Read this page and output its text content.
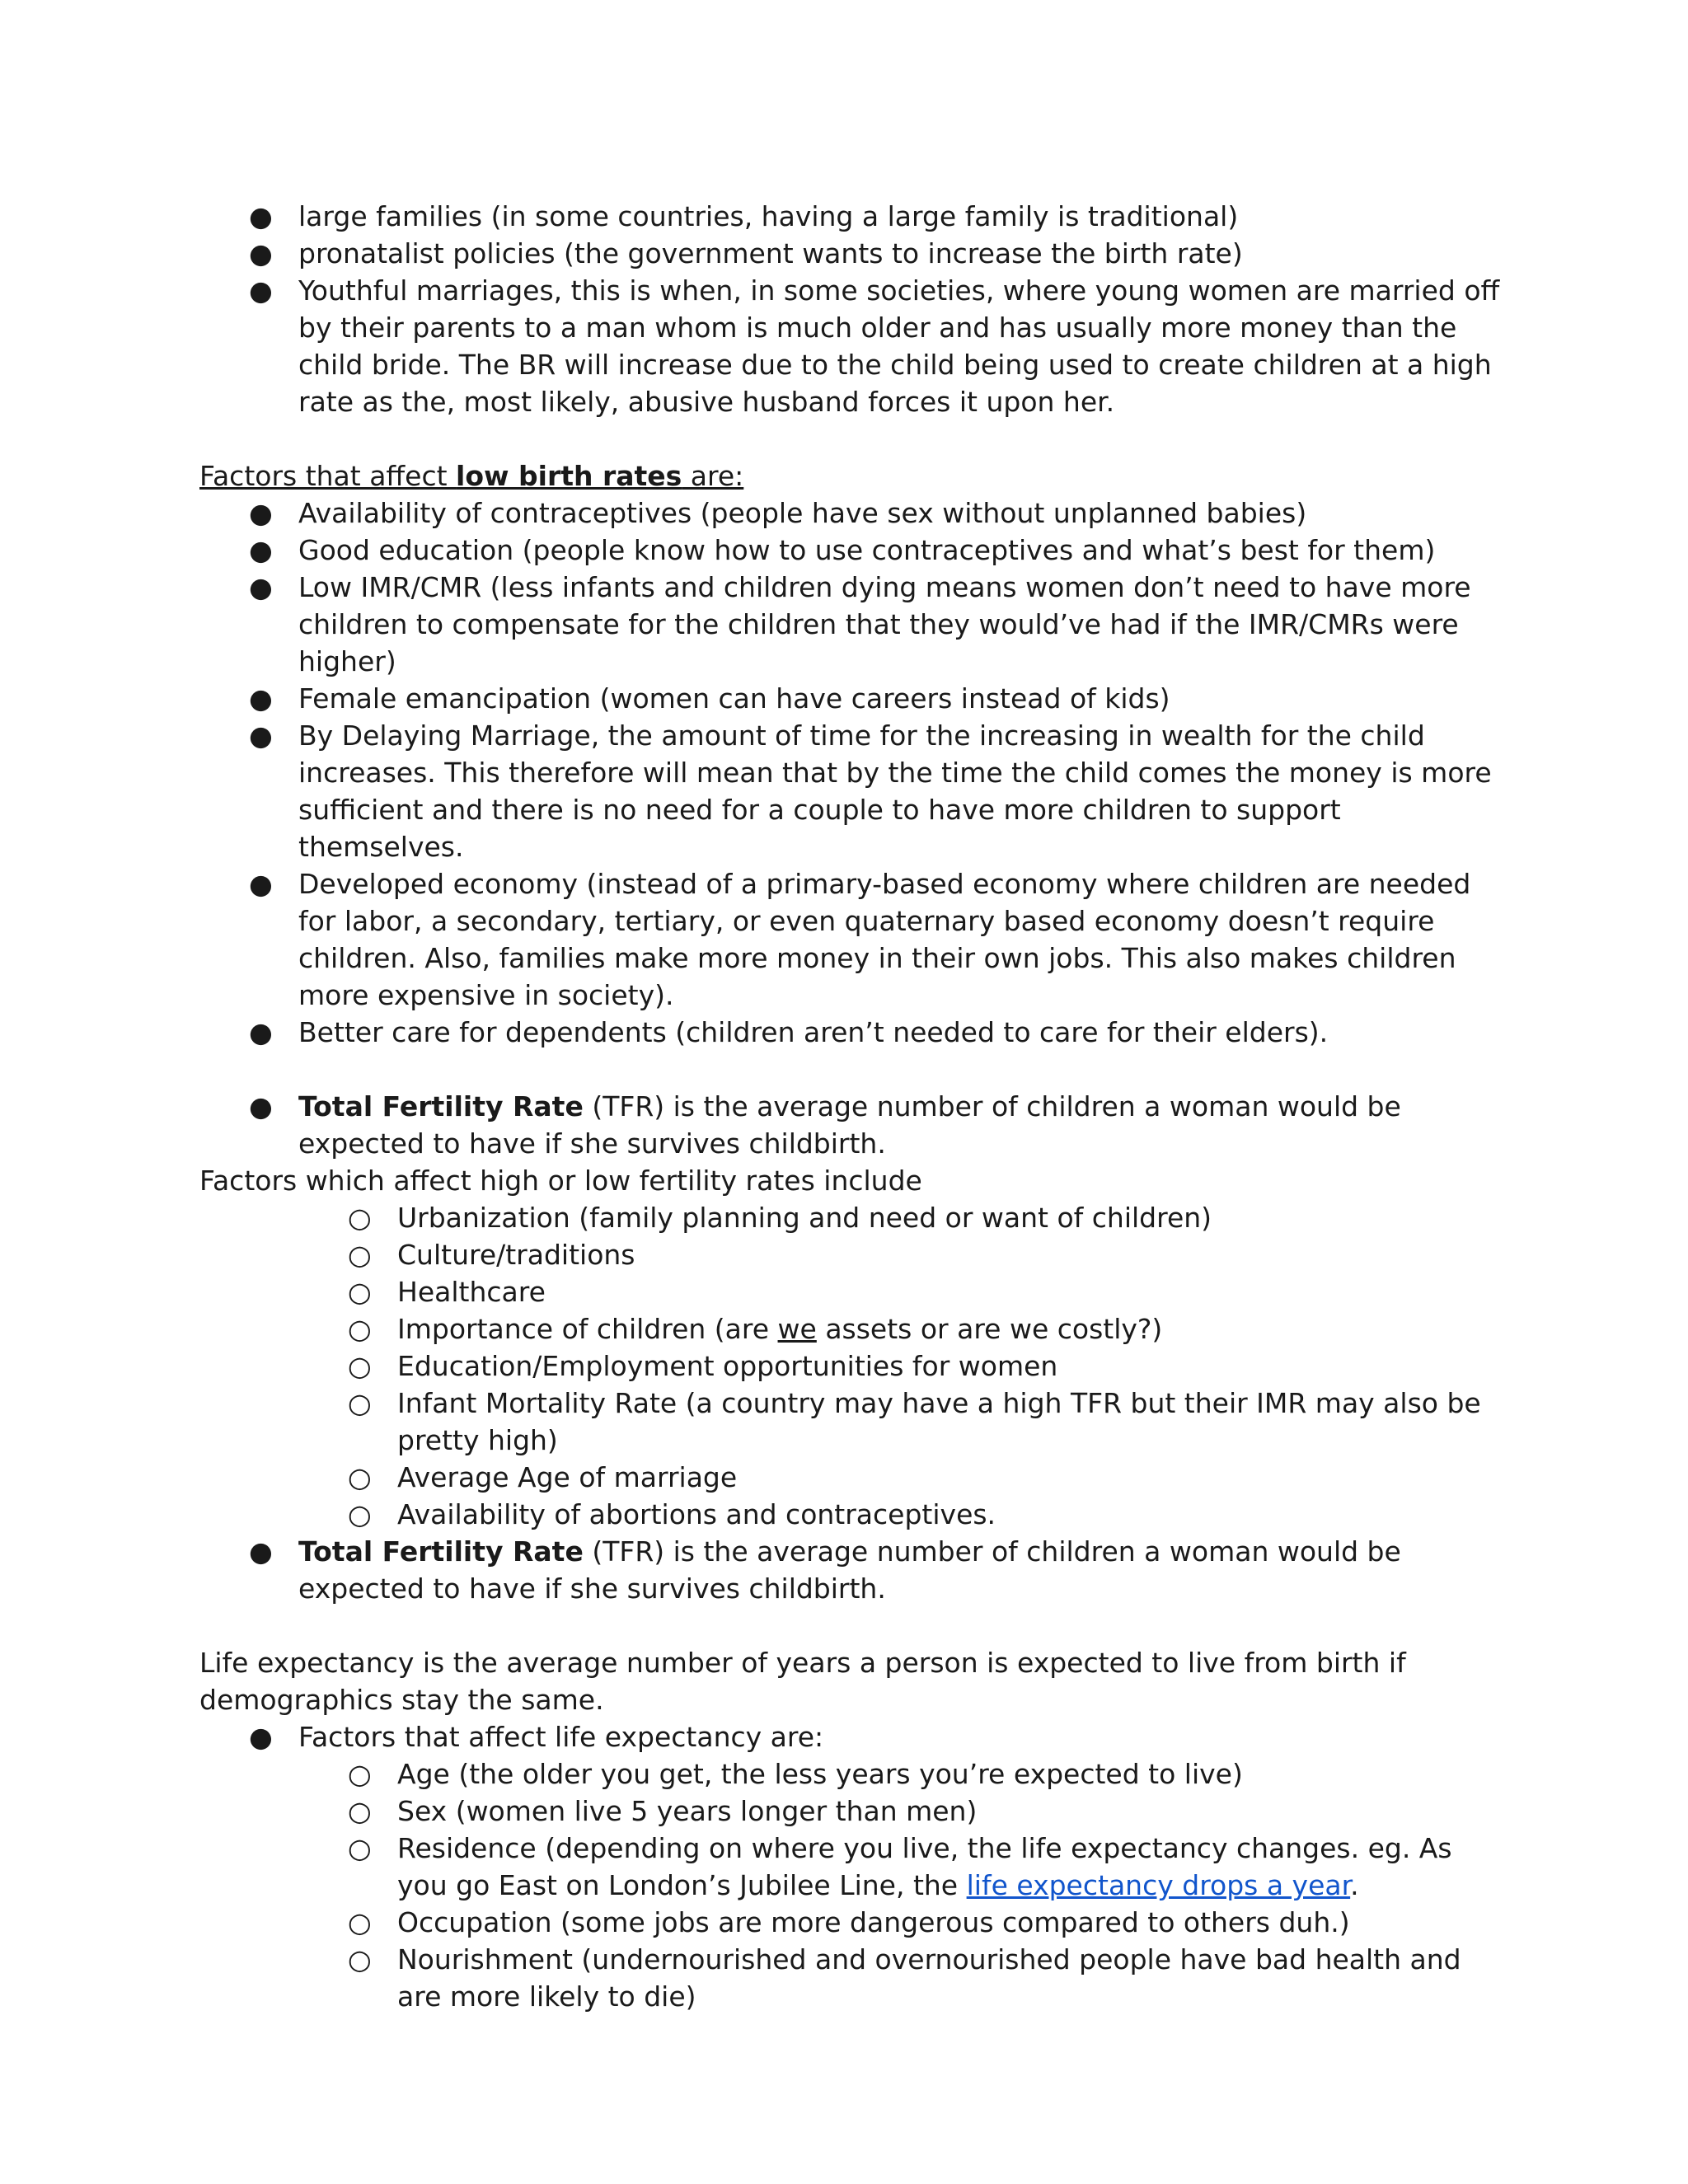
● large families (in some countries, having a large family is traditional)
● pronatalist policies (the government wants to increase the birth rate)
● Youthful marriages, this is when, in some societies, where young women are married off by their parents to a man whom is much older and has usually more money than the child bride. The BR will increase due to the child being used to create children at a high rate as the, most likely, abusive husband forces it upon her.

Factors that affect low birth rates are:

● Availability of contraceptives (people have sex without unplanned babies)
● Good education (people know how to use contraceptives and what’s best for them)
● Low IMR/CMR (less infants and children dying means women don’t need to have more children to compensate for the children that they would’ve had if the IMR/CMRs were higher)
● Female emancipation (women can have careers instead of kids)
● By Delaying Marriage, the amount of time for the increasing in wealth for the child increases. This therefore will mean that by the time the child comes the money is more sufficient and there is no need for a couple to have more children to support themselves.
● Developed economy (instead of a primary-based economy where children are needed for labor, a secondary, tertiary, or even quaternary based economy doesn’t require children. Also, families make more money in their own jobs. This also makes children more expensive in society).
● Better care for dependents (children aren’t needed to care for their elders).
● Total Fertility Rate (TFR) is the average number of children a woman would be expected to have if she survives childbirth.

Factors which affect high or low fertility rates include

○ Urbanization (family planning and need or want of children)
○ Culture/traditions
○ Healthcare
○ Importance of children (are we assets or are we costly?)
○ Education/Employment opportunities for women
○ Infant Mortality Rate (a country may have a high TFR but their IMR may also be pretty high)
○ Average Age of marriage
○ Availability of abortions and contraceptives.
● Total Fertility Rate (TFR) is the average number of children a woman would be expected to have if she survives childbirth.

Life expectancy is the average number of years a person is expected to live from birth if demographics stay the same.

● Factors that affect life expectancy are:
○ Age (the older you get, the less years you’re expected to live)
○ Sex (women live 5 years longer than men)
○ Residence (depending on where you live, the life expectancy changes. eg. As you go East on London’s Jubilee Line, the life expectancy drops a year.
○ Occupation (some jobs are more dangerous compared to others duh.)
○ Nourishment (undernourished and overnourished people have bad health and are more likely to die)
